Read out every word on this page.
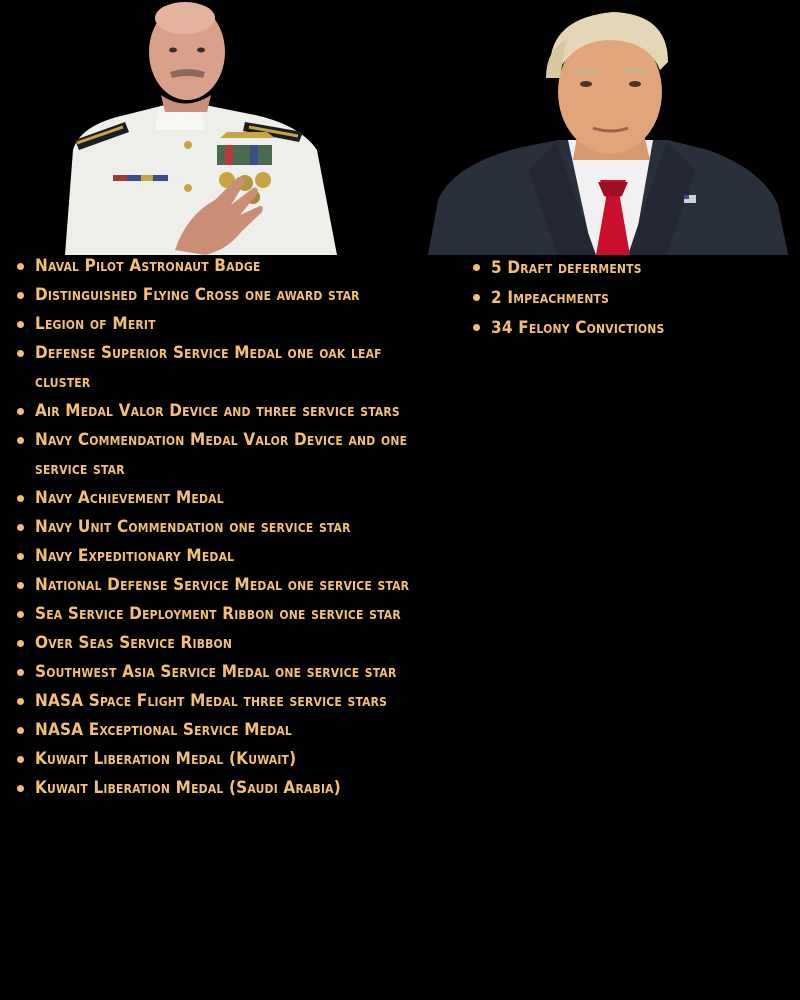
Naval Pilot Astronaut Badge
Distinguished Flying Cross one award star
Legion of Merit
Defense Superior Service Medal one oak leaf cluster
Air Medal Valor Device and three service stars
Navy Commendation Medal Valor Device and one service star
Navy Achievement Medal
Navy Unit Commendation one service star
Navy Expeditionary Medal
National Defense Service Medal one service star
Sea Service Deployment Ribbon one service star
Over Seas Service Ribbon
Southwest Asia Service Medal one service star
NASA Space Flight Medal three service stars
NASA Exceptional Service Medal
Kuwait Liberation Medal (Kuwait)
Kuwait Liberation Medal (Saudi Arabia)
5 Draft deferments
2 Impeachments
34 Felony Convictions
